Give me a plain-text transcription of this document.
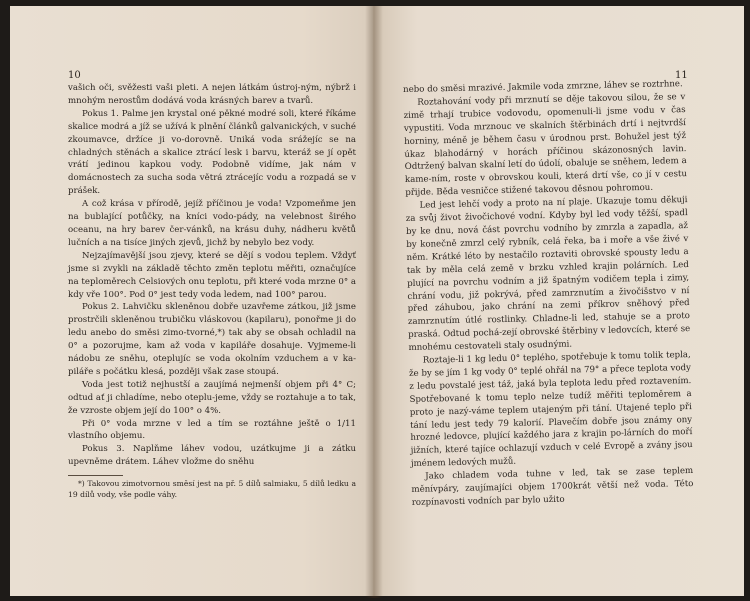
10

vašich oči, svěžesti vaši pleti. A nejen látkám ústroj-ným, nýbrž i mnohým nerostům dodává voda krásných barev a tvarů.

Pokus 1. Palme jen krystal oné pěkné modré soli, které říkáme skalice modrá a jíž se užívá k plnění článků galvanických, v suché zkoumavce, držíce ji vo-dorovně. Uniká voda srážejíc se na chladných stěnách a skalice ztrácí lesk i barvu, kteráž se jí opět vrátí jedinou kapkou vody. Podobně vidíme, jak nám v domácnostech za sucha soda větrá ztrácejíc vodu a rozpadá se v prášek.

A což krása v přírodě, jejíž příčinou je voda! Vzpomeňme jen na bublající potůčky, na kníci vodo-pády, na velebnost širého oceanu, na hry barev čer-vánků, na krásu duhy, nádheru květů lučních a na tisíce jiných zjevů, jichž by nebylo bez vody.

Nejzajímavější jsou zjevy, které se dějí s vodou teplem. Vždyť jsme si zvykli na základě těchto změn teplotu měřiti, označujíce na teploměrech Celsiových onu teplotu, při které voda mrzne 0° a kdy vře 100°. Pod 0° jest tedy voda ledem, nad 100° parou.

Pokus 2. Lahvičku skleněnou dobře uzavřeme zátkou, již jsme prostrčili skleněnou trubičku vláskovou (kapilaru), ponořme ji do ledu anebo do směsi zimo-tvorné,*) tak aby se obsah ochladil na 0° a pozorujme, kam až voda v kapiláře dosahuje. Vyjmeme-li nádobu ze sněhu, oteplujíc se voda okolním vzduchem a v ka-piláře s počátku klesá, později však zase stoupá.

Voda jest totiž nejhustší a zaujímá nejmenší objem při 4° C; odtud ať ji chladíme, nebo oteplu-jeme, vždy se roztahuje a to tak, že vzroste objem její do 100° o 4%.

Při 0° voda mrzne v led a tím se roztáhne ještě o 1/11 vlastního objemu.

Pokus 3. Naplňme láhev vodou, uzátkujme ji a zátku upevněme drátem. Láhev vložme do sněhu

*) Takovou zimotvornou směsí jest na př. 5 dílů salmiaku, 5 dílů ledku a 19 dílů vody, vše podle váhy.

11

nebo do směsi mrazivé. Jakmile voda zmrzne, láhev se roztrhne.

Roztahování vody při mrznutí se děje takovou silou, že se v zimě trhají trubice vodovodu, opomenuli-li jsme vodu v čas vypustiti. Voda mrznouc ve skalních štěrbinách drtí i nejtvrdší horniny, méně je během času v úrodnou prst. Bohužel jest týž úkaz blahodárný v horách příčinou skázonosných lavin. Odtržený balvan skalní letí do údolí, obaluje se sněhem, ledem a kame-ním, roste v obrovskou kouli, která drtí vše, co jí v cestu přijde. Běda vesničce stižené takovou děsnou pohromou.

Led jest lehčí vody a proto na ní plaje. Ukazuje tomu děkuji za svůj život živočichové vodní. Kdyby byl led vody těžší, spadl by ke dnu, nová část povrchu vodního by zmrzla a zapadla, až by konečně zmrzl celý rybník, celá řeka, ba i moře a vše živé v něm. Krátké léto by nestačilo roztaviti obrovské spousty ledu a tak by měla celá země v brzku vzhled krajin polárních. Led plující na povrchu vodním a již špatným vodičem tepla i zimy, chrání vodu, již pokrývá, před zamrznutím a živočišstvo v ní před záhubou, jako chrání na zemi příkrov sněhový před zamrznutím útlé rostlinky. Chladne-li led, stahuje se a proto praská. Odtud pochá-zejí obrovské štěrbiny v ledovcích, které se mnohému cestovateli staly osudnými.

Roztaje-li 1 kg ledu 0° teplého, spotřebuje k tomu tolik tepla, že by se jím 1 kg vody 0° teplé ohřál na 79° a přece teplota vody z ledu povstalé jest táž, jaká byla teplota ledu před roztavením. Spotřebované k tomu teplo nelze tudíž měřiti teploměrem a proto je nazý-váme teplem utajeným při tání. Utajené teplo při tání ledu jest tedy 79 kalorií. Plavečím dobře jsou známy ony hrozné ledovce, plující každého jara z krajin po-lárních do moří jižních, které tajíce ochlazují vzduch v celé Evropě a zvány jsou jménem ledových mužů.

Jako chladem voda tuhne v led, tak se zase teplem měnívpáry, zaujímajíci objem 1700krát větší než voda. Této rozpínavosti vodních par bylo užito
